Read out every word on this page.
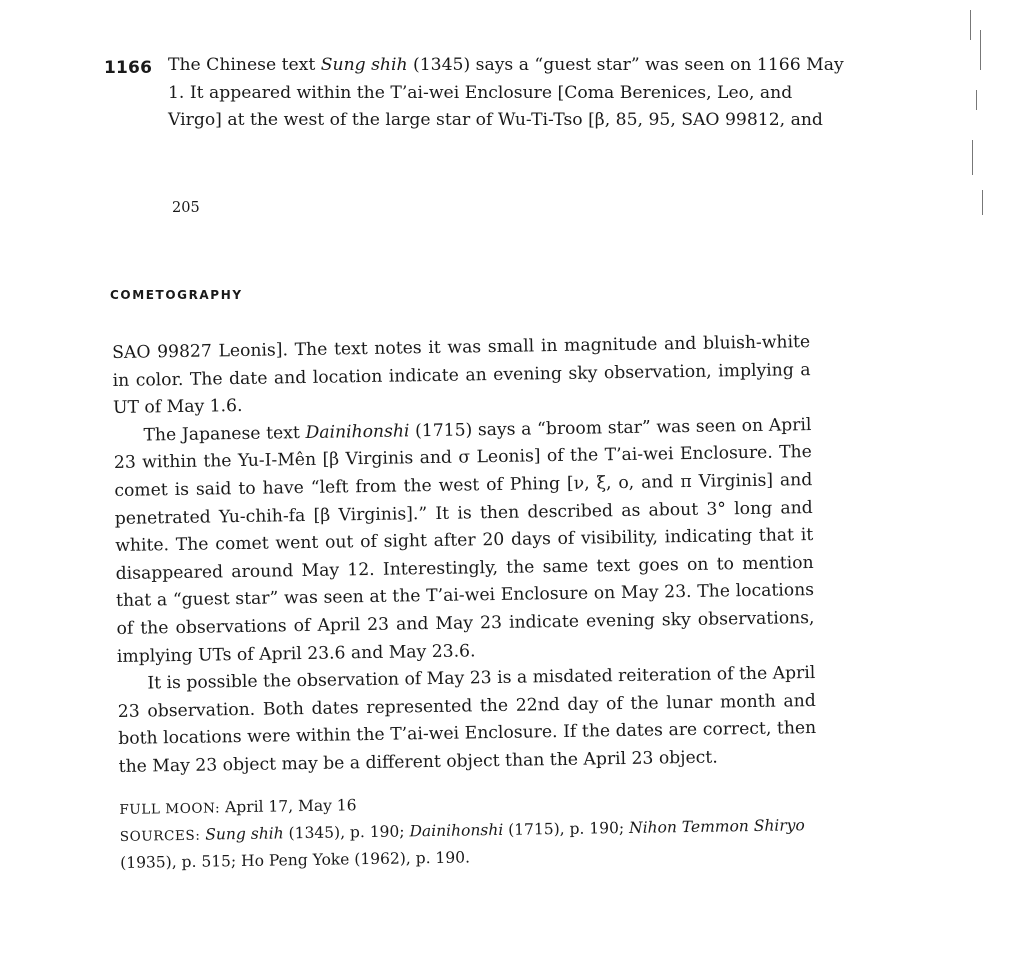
1166 The Chinese text Sung shih (1345) says a “guest star” was seen on 1166 May

1. It appeared within the T’ai-wei Enclosure [Coma Berenices, Leo, and

Virgo] at the west of the large star of Wu-Ti-Tso [β, 85, 95, SAO 99812, and

205
COMETOGRAPHY

SAO 99827 Leonis]. The text notes it was small in magnitude and bluish-white in color. The date and location indicate an evening sky observation, implying a UT of May 1.6.

The Japanese text Dainihonshi (1715) says a “broom star” was seen on April 23 within the Yu-I-Mên [β Virginis and σ Leonis] of the T’ai-wei Enclosure. The comet is said to have “left from the west of Phing [ν, ξ, o, and π Virginis] and penetrated Yu-chih-fa [β Virginis].” It is then described as about 3° long and white. The comet went out of sight after 20 days of visibility, indicating that it disappeared around May 12. Interestingly, the same text goes on to mention that a “guest star” was seen at the T’ai-wei Enclosure on May 23. The locations of the observations of April 23 and May 23 indicate evening sky observations, implying UTs of April 23.6 and May 23.6.

It is possible the observation of May 23 is a misdated reiteration of the April 23 observation. Both dates represented the 22nd day of the lunar month and both locations were within the T’ai-wei Enclosure. If the dates are correct, then the May 23 object may be a different object than the April 23 object.

FULL MOON: April 17, May 16
SOURCES: Sung shih (1345), p. 190; Dainihonshi (1715), p. 190; Nihon Temmon Shiryo (1935), p. 515; Ho Peng Yoke (1962), p. 190.
